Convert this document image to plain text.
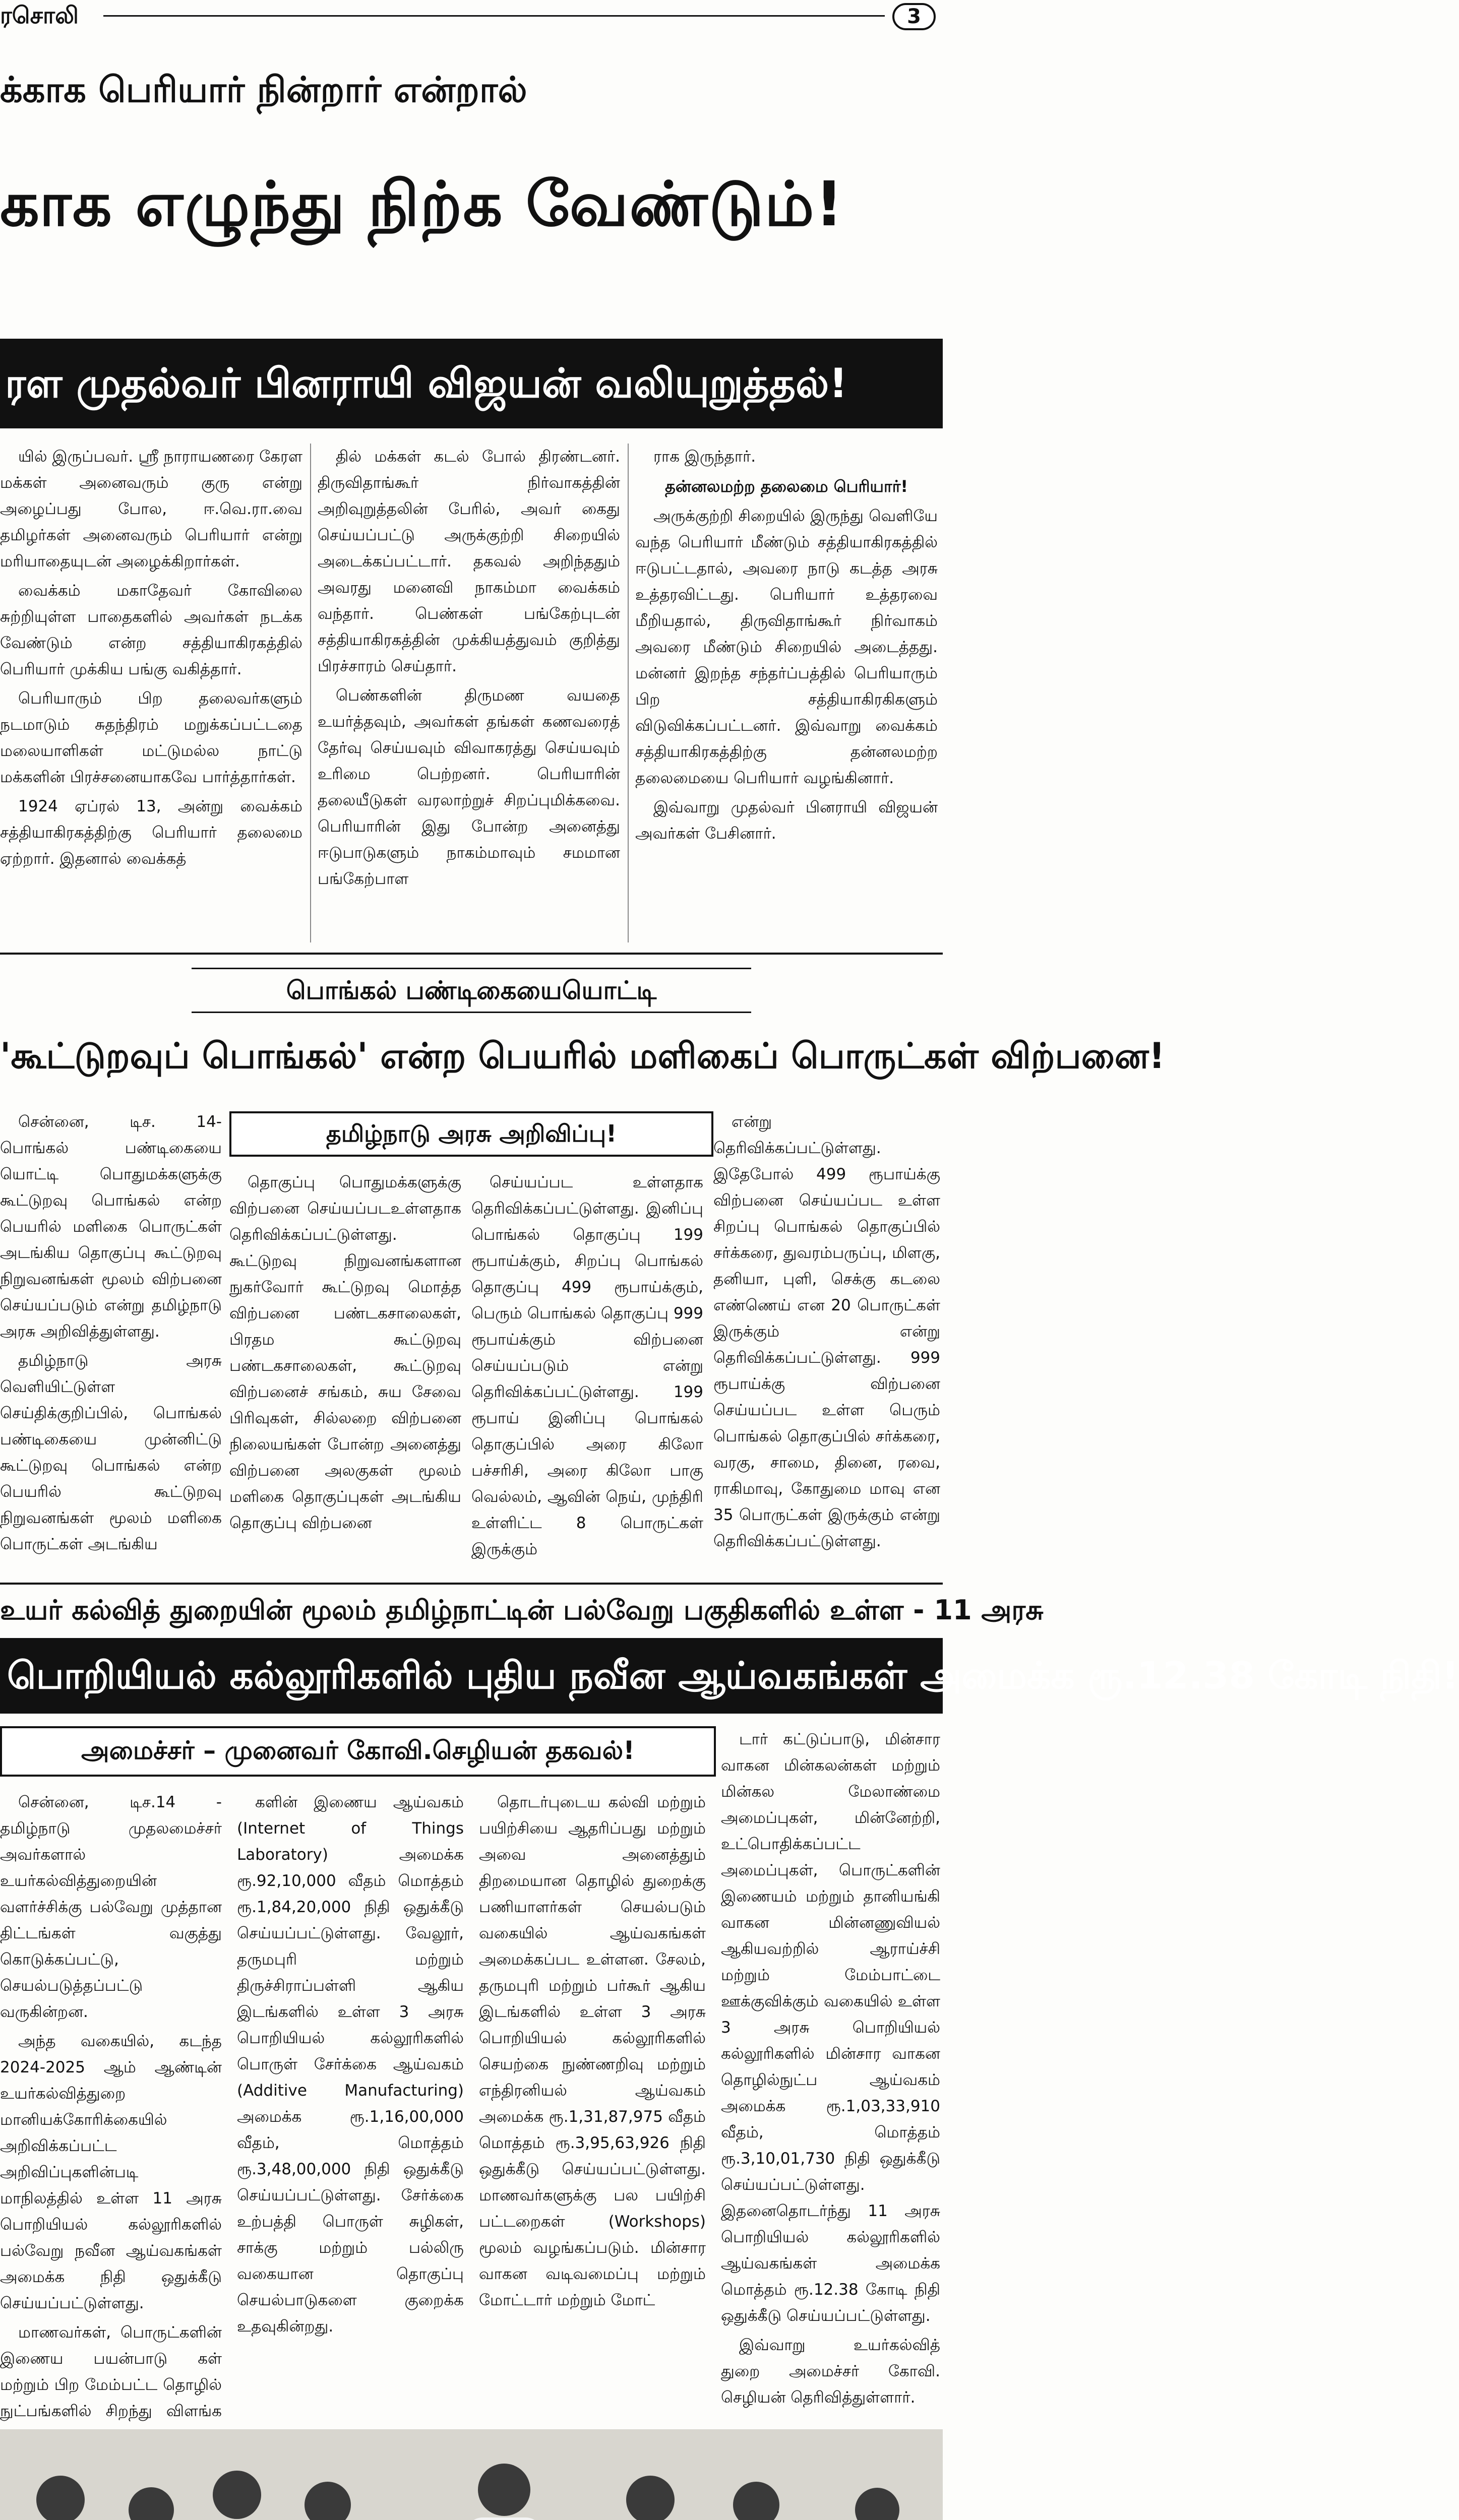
ரசொலி	3
க்காக பெரியார் நின்றார் என்றால்
காக எழுந்து நிற்க வேண்டும்!
ரள முதல்வர் பினராயி விஜயன் வலியுறுத்தல்!

யில் இருப்பவர். ஸ்ரீ நாராயணரை கேரள மக்கள் அனைவரும் குரு என்று அழைப்பது போல, ஈ.வெ.ரா.வை தமிழர்கள் அனைவரும் பெரியார் என்று மரியாதையுடன் அழைக்கிறார்கள்.

வைக்கம் மகாதேவர் கோவிலை சுற்றியுள்ள பாதைகளில் அவர்கள் நடக்க வேண்டும் என்ற சத்தியாகிரகத்தில் பெரியார் முக்கிய பங்கு வகித்தார்.

பெரியாரும் பிற தலைவர்களும் நடமாடும் சுதந்திரம் மறுக்கப்பட்டதை மலையாளிகள் மட்டுமல்ல நாட்டு மக்களின் பிரச்சனையாகவே பார்த்தார்கள்.

1924 ஏப்ரல் 13, அன்று வைக்கம் சத்தியாகிரகத்திற்கு பெரியார் தலைமை ஏற்றார். இதனால் வைக்கத்

தில் மக்கள் கடல் போல் திரண்டனர். திருவிதாங்கூர் நிர்வாகத்தின் அறிவுறுத்தலின் பேரில், அவர் கைது செய்யப்பட்டு அருக்குற்றி சிறையில் அடைக்கப்பட்டார். தகவல் அறிந்ததும் அவரது மனைவி நாகம்மா வைக்கம் வந்தார். பெண்கள் பங்கேற்புடன் சத்தியாகிரகத்தின் முக்கியத்துவம் குறித்து பிரச்சாரம் செய்தார்.

பெண்களின் திருமண வயதை உயர்த்தவும், அவர்கள் தங்கள் கணவரைத் தேர்வு செய்யவும் விவாகரத்து செய்யவும் உரிமை பெற்றனர். பெரியாரின் தலையீடுகள் வரலாற்றுச் சிறப்புமிக்கவை. பெரியாரின் இது போன்ற அனைத்து ஈடுபாடுகளும் நாகம்மாவும் சமமான பங்கேற்பாள

ராக இருந்தார்.

தன்னலமற்ற தலைமை பெரியார்!

அருக்குற்றி சிறையில் இருந்து வெளியே வந்த பெரியார் மீண்டும் சத்தியாகிரகத்தில் ஈடுபட்டதால், அவரை நாடு கடத்த அரசு உத்தரவிட்டது. பெரியார் உத்தரவை மீறியதால், திருவிதாங்கூர் நிர்வாகம் அவரை மீண்டும் சிறையில் அடைத்தது. மன்னர் இறந்த சந்தர்ப்பத்தில் பெரியாரும் பிற சத்தியாகிரகிகளும் விடுவிக்கப்பட்டனர். இவ்வாறு வைக்கம் சத்தியாகிரகத்திற்கு தன்னலமற்ற தலைமையை பெரியார் வழங்கினார்.

இவ்வாறு முதல்வர் பினராயி விஜயன் அவர்கள் பேசினார்.

பொங்கல் பண்டிகையையொட்டி
'கூட்டுறவுப் பொங்கல்' என்ற பெயரில் மளிகைப் பொருட்கள் விற்பனை!

சென்னை, டிச. 14- பொங்கல் பண்டிகையை யொட்டி பொதுமக்களுக்கு கூட்டுறவு பொங்கல் என்ற பெயரில் மளிகை பொருட்கள் அடங்கிய தொகுப்பு கூட்டுறவு நிறுவனங்கள் மூலம் விற்பனை செய்யப்படும் என்று தமிழ்நாடு அரசு அறிவித்துள்ளது.

தமிழ்நாடு அரசு வெளியிட்டுள்ள செய்திக்குறிப்பில், பொங்கல் பண்டிகையை முன்னிட்டு கூட்டுறவு பொங்கல் என்ற பெயரில் கூட்டுறவு நிறுவனங்கள் மூலம் மளிகை பொருட்கள் அடங்கிய

தமிழ்நாடு அரசு அறிவிப்பு!

தொகுப்பு பொதுமக்களுக்கு விற்பனை செய்யப்படஉள்ளதாக தெரிவிக்கப்பட்டுள்ளது. கூட்டுறவு நிறுவனங்களான நுகர்வோர் கூட்டுறவு மொத்த விற்பனை பண்டகசாலைகள், பிரதம கூட்டுறவு பண்டகசாலைகள், கூட்டுறவு விற்பனைச் சங்கம், சுய சேவை பிரிவுகள், சில்லறை விற்பனை நிலையங்கள் போன்ற அனைத்து விற்பனை அலகுகள் மூலம் மளிகை தொகுப்புகள் அடங்கிய தொகுப்பு விற்பனை

செய்யப்பட உள்ளதாக தெரிவிக்கப்பட்டுள்ளது. இனிப்பு பொங்கல் தொகுப்பு 199 ரூபாய்க்கும், சிறப்பு பொங்கல் தொகுப்பு 499 ரூபாய்க்கும், பெரும் பொங்கல் தொகுப்பு 999 ரூபாய்க்கும் விற்பனை செய்யப்படும் என்று தெரிவிக்கப்பட்டுள்ளது. 199 ரூபாய் இனிப்பு பொங்கல் தொகுப்பில் அரை கிலோ பச்சரிசி, அரை கிலோ பாகு வெல்லம், ஆவின் நெய், முந்திரி உள்ளிட்ட 8 பொருட்கள் இருக்கும்

என்று தெரிவிக்கப்பட்டுள்ளது. இதேபோல் 499 ரூபாய்க்கு விற்பனை செய்யப்பட உள்ள சிறப்பு பொங்கல் தொகுப்பில் சர்க்கரை, துவரம்பருப்பு, மிளகு, தனியா, புளி, செக்கு கடலை எண்ணெய் என 20 பொருட்கள் இருக்கும் என்று தெரிவிக்கப்பட்டுள்ளது. 999 ரூபாய்க்கு விற்பனை செய்யப்பட உள்ள பெரும் பொங்கல் தொகுப்பில் சர்க்கரை, வரகு, சாமை, தினை, ரவை, ராகிமாவு, கோதுமை மாவு என 35 பொருட்கள் இருக்கும் என்று தெரிவிக்கப்பட்டுள்ளது.

உயர் கல்வித் துறையின் மூலம் தமிழ்நாட்டின் பல்வேறு பகுதிகளில் உள்ள - 11 அரசு
பொறியியல் கல்லூரிகளில் புதிய நவீன ஆய்வகங்கள் அமைக்க ரூ.12.38 கோடி நிதி!
அமைச்சர் – முனைவர் கோவி.செழியன் தகவல்!

சென்னை, டிச.14 - தமிழ்நாடு முதலமைச்சர் அவர்களால் உயர்கல்வித்துறையின் வளர்ச்சிக்கு பல்வேறு முத்தான திட்டங்கள் வகுத்து கொடுக்கப்பட்டு, செயல்படுத்தப்பட்டு வருகின்றன.

அந்த வகையில், கடந்த 2024-2025 ஆம் ஆண்டின் உயர்கல்வித்துறை மானியக்கோரிக்கையில் அறிவிக்கப்பட்ட அறிவிப்புகளின்படி மாநிலத்தில் உள்ள 11 அரசு பொறியியல் கல்லூரிகளில் பல்வேறு நவீன ஆய்வகங்கள் அமைக்க நிதி ஒதுக்கீடு செய்யப்பட்டுள்ளது.

மாணவர்கள், பொருட்களின் இணைய பயன்பாடு கள் மற்றும் பிற மேம்பட்ட தொழில் நுட்பங்களில் சிறந்து விளங்க

களின் இணைய ஆய்வகம் (Internet of Things Laboratory) அமைக்க ரூ.92,10,000 வீதம் மொத்தம் ரூ.1,84,20,000 நிதி ஒதுக்கீடு செய்யப்பட்டுள்ளது. வேலூர், தருமபுரி மற்றும் திருச்சிராப்பள்ளி ஆகிய இடங்களில் உள்ள 3 அரசு பொறியியல் கல்லூரிகளில் பொருள் சேர்க்கை ஆய்வகம் (Additive Manufacturing) அமைக்க ரூ.1,16,00,000 வீதம், மொத்தம் ரூ.3,48,00,000 நிதி ஒதுக்கீடு செய்யப்பட்டுள்ளது. சேர்க்கை உற்பத்தி பொருள் சுழிகள், சாக்கு மற்றும் பல்லிரு வகையான தொகுப்பு செயல்பாடுகளை குறைக்க உதவுகின்றது.

தொடர்புடைய கல்வி மற்றும் பயிற்சியை ஆதரிப்பது மற்றும் அவை அனைத்தும் திறமையான தொழில் துறைக்கு பணியாளர்கள் செயல்படும் வகையில் ஆய்வகங்கள் அமைக்கப்பட உள்ளன. சேலம், தருமபுரி மற்றும் பர்கூர் ஆகிய இடங்களில் உள்ள 3 அரசு பொறியியல் கல்லூரிகளில் செயற்கை நுண்ணறிவு மற்றும் எந்திரனியல் ஆய்வகம் அமைக்க ரூ.1,31,87,975 வீதம் மொத்தம் ரூ.3,95,63,926 நிதி ஒதுக்கீடு செய்யப்பட்டுள்ளது. மாணவர்களுக்கு பல பயிற்சி பட்டறைகள் (Workshops) மூலம் வழங்கப்படும். மின்சார வாகன வடிவமைப்பு மற்றும் மோட்டார் மற்றும் மோட்

டார் கட்டுப்பாடு, மின்சார வாகன மின்கலன்கள் மற்றும் மின்கல மேலாண்மை அமைப்புகள், மின்னேற்றி, உட்பொதிக்கப்பட்ட அமைப்புகள், பொருட்களின் இணையம் மற்றும் தானியங்கி வாகன மின்னணுவியல் ஆகியவற்றில் ஆராய்ச்சி மற்றும் மேம்பாட்டை ஊக்குவிக்கும் வகையில் உள்ள 3 அரசு பொறியியல் கல்லூரிகளில் மின்சார வாகன தொழில்நுட்ப ஆய்வகம் அமைக்க ரூ.1,03,33,910 வீதம், மொத்தம் ரூ.3,10,01,730 நிதி ஒதுக்கீடு செய்யப்பட்டுள்ளது. இதனைதொடர்ந்து 11 அரசு பொறியியல் கல்லூரிகளில் ஆய்வகங்கள் அமைக்க மொத்தம் ரூ.12.38 கோடி நிதி ஒதுக்கீடு செய்யப்பட்டுள்ளது.

இவ்வாறு உயர்கல்வித் துறை அமைச்சர் கோவி. செழியன் தெரிவித்துள்ளார்.
